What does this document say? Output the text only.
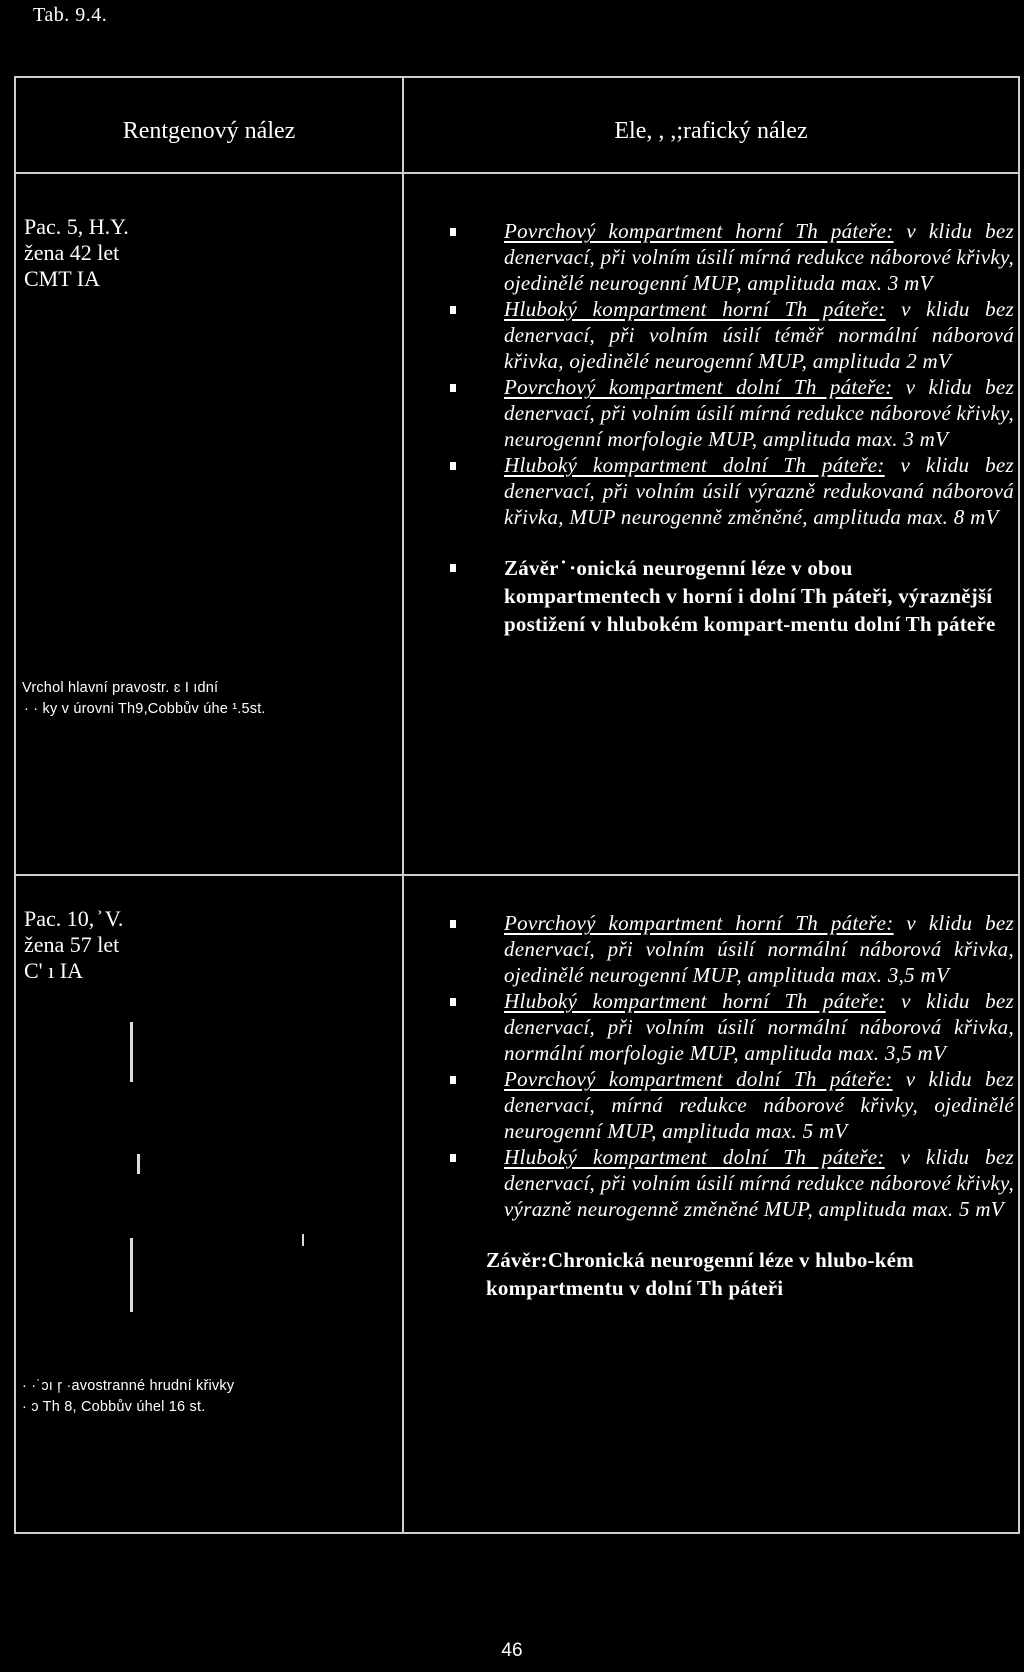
Tab. 9.4.
Rentgenový nález	Ele, , ,;rafický nález
Pac. 5, H.Y.
žena 42 let
CMT IA
Vrchol hlavní pravostr. ɛ I ıdní
· · ky v úrovni Th9,Cobbův úhe ¹.5st.
Povrchový kompartment horní Th páteře: v klidu bez denervací, při volním úsilí mírná redukce náborové křivky, ojedinělé neurogenní MUP, amplituda max. 3 mV
Hluboký kompartment horní Th páteře: v klidu bez denervací, při volním úsilí téměř normální náborová křivka, ojedinělé neurogenní MUP, amplituda 2 mV
Povrchový kompartment dolní Th páteře: v klidu bez denervací, při volním úsilí mírná redukce náborové křivky, neurogenní morfologie MUP, amplituda max. 3 mV
Hluboký kompartment dolní Th páteře: v klidu bez denervací, při volním úsilí výrazně redukovaná náborová křivka, MUP neurogenně změněné, amplituda max. 8 mV
Závěr ̇ ·onická neurogenní léze v obou kompartmentech v horní i dolní Th páteři, výraznější postižení v hlubokém kompart-mentu dolní Th páteře
Pac. 10, ͐ V.
žena 57 let
C' ı IA
· ·˙ɔı ŗ ·avostranné hrudní křivky
· ɔ Th 8, Cobbův úhel 16 st.
Povrchový kompartment horní Th páteře: v klidu bez denervací, při volním úsilí normální náborová křivka, ojedinělé neurogenní MUP, amplituda max. 3,5 mV
Hluboký kompartment horní Th páteře: v klidu bez denervací, při volním úsilí normální náborová křivka, normální morfologie MUP, amplituda max. 3,5 mV
Povrchový kompartment dolní Th páteře: v klidu bez denervací, mírná redukce náborové křivky, ojedinělé neurogenní MUP, amplituda max. 5 mV
Hluboký kompartment dolní Th páteře: v klidu bez denervací, při volním úsilí mírná redukce náborové křivky, výrazně neurogenně změněné MUP, amplituda max. 5 mV
Závěr:Chronická neurogenní léze v hlubo-kém kompartmentu v dolní Th páteři
46
